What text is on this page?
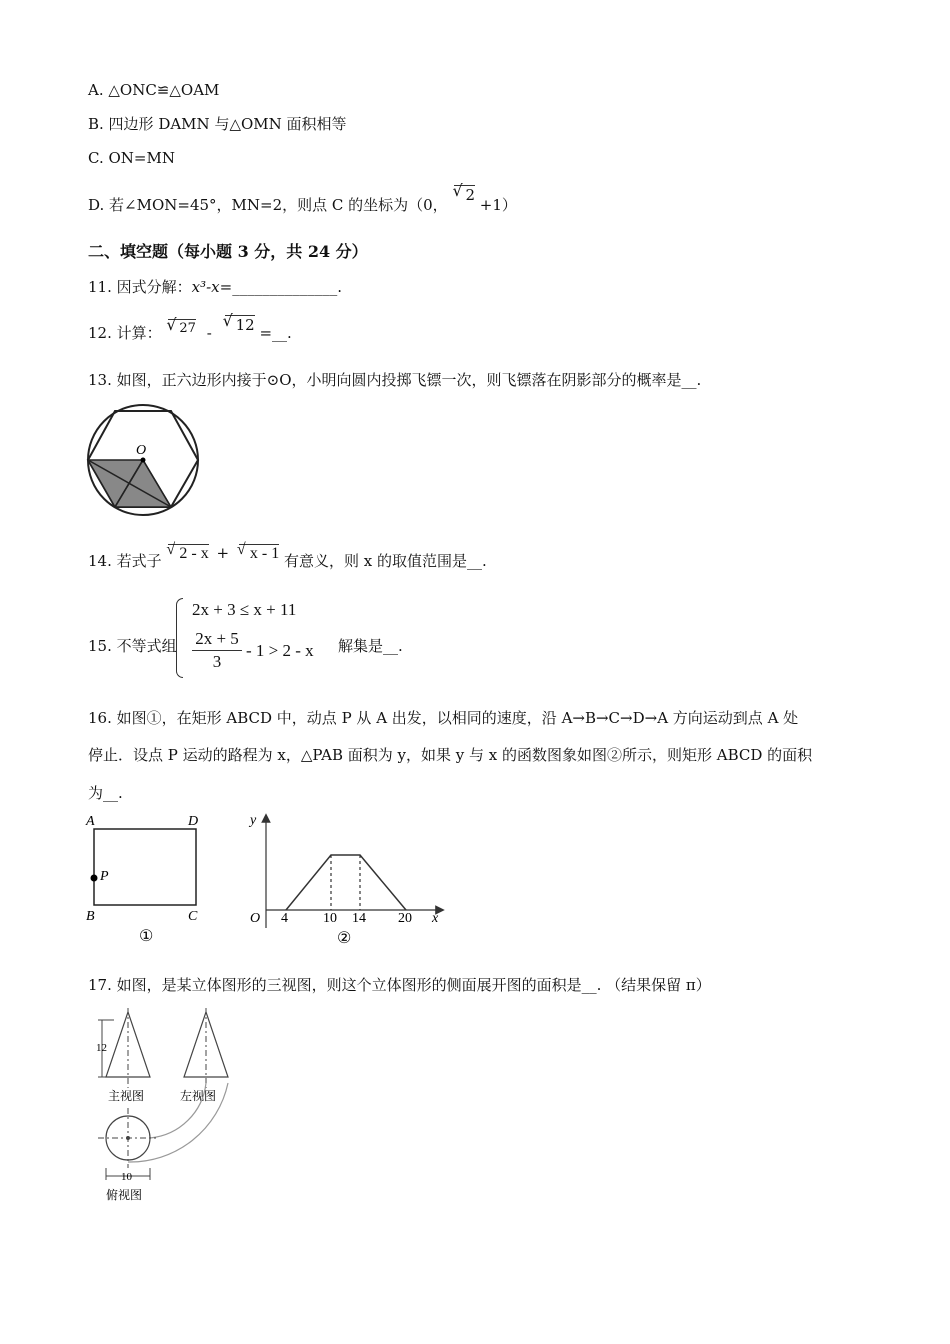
A. △ONC≌△OAM
B. 四边形 DAMN 与△OMN 面积相等
C. ON=MN
D. 若∠MON=45°，MN=2，则点 C 的坐标为（0， √ 2 +1）
二、填空题（每小题 3 分，共 24 分）
11. 因式分解：x³-x=______________.
12. 计算： √ 27 - √ 12 =__.
13. 如图，正六边形内接于⊙O，小明向圆内投掷飞镖一次，则飞镖落在阴影部分的概率是__.
O
14. 若式子 √ 2 - x + √ x - 1 有意义，则 x 的取值范围是__.
15. 不等式组
2x + 3 ≤ x + 11
$\frac{2x + 5}{3} - 1 > 2 - x$ 解集是__.
16. 如图①，在矩形 ABCD 中，动点 P 从 A 出发，以相同的速度，沿 A→B→C→D→A 方向运动到点 A 处
停止．设点 P 运动的路程为 x，△PAB 面积为 y，如果 y 与 x 的函数图象如图②所示，则矩形 ABCD 的面积
为__.
A	D
P
B	C
①
y
x
O 4	10 14 20
②
17. 如图，是某立体图形的三视图，则这个立体图形的侧面展开图的面积是__. （结果保留 π）
12
主视图	左视图
10
俯视图
